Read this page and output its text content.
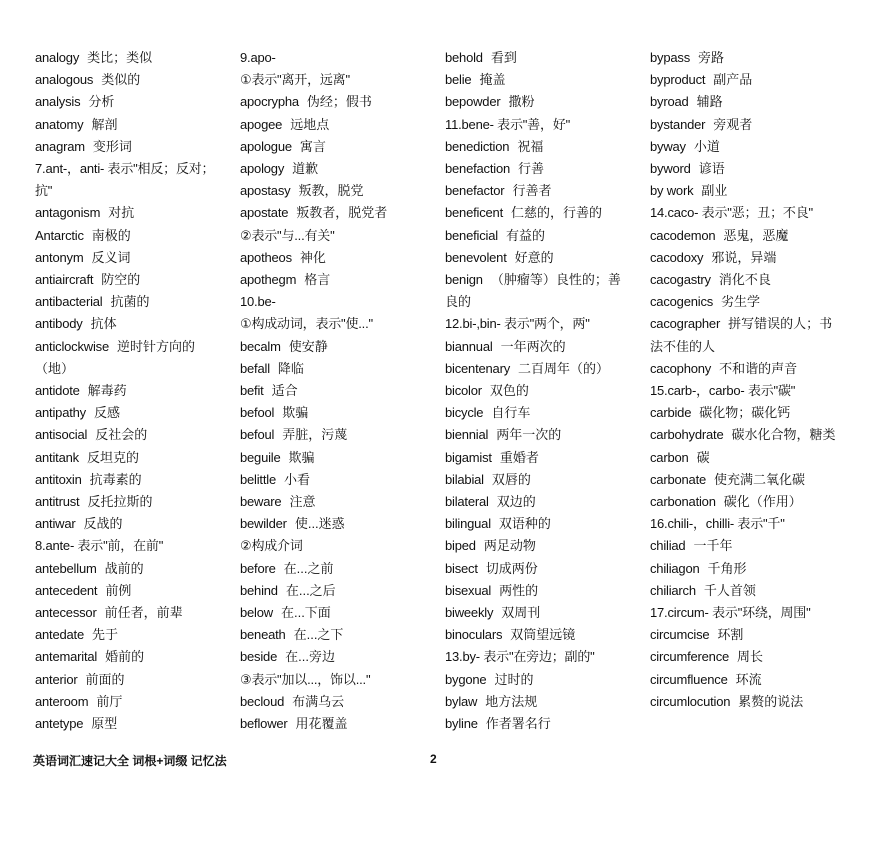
analogy 类比；类似
analogous 类似的
analysis 分析
anatomy 解剖
anagram 变形词
7.ant-，anti- 表示"相反；反对；抗"
antagonism 对抗
Antarctic 南极的
antonym 反义词
antiaircraft 防空的
antibacterial 抗菌的
antibody 抗体
anticlockwise 逆时针方向的（地）
antidote 解毒药
antipathy 反感
antisocial 反社会的
antitank 反坦克的
antitoxin 抗毒素的
antitrust 反托拉斯的
antiwar 反战的
8.ante- 表示"前，在前"
antebellum 战前的
antecedent 前例
antecessor 前任者，前辈
antedate 先于
antemarital 婚前的
anterior 前面的
anteroom 前厅
antetype 原型
9.apo-
①表示"离开，远离"
apocrypha 伪经；假书
apogee 远地点
apologue 寓言
apology 道歉
apostasy 叛教，脱党
apostate 叛教者，脱党者
②表示"与...有关"
apotheos 神化
apothegm 格言
10.be-
①构成动词，表示"使..."
becalm 使安静
befall 降临
befit 适合
befool 欺骗
befoul 弄脏，污蔑
beguile 欺骗
belittle 小看
beware 注意
bewilder 使...迷惑
②构成介词
before 在...之前
behind 在...之后
below 在...下面
beneath 在...之下
beside 在...旁边
③表示"加以...，饰以..."
becloud 布满乌云
beflower 用花覆盖
behold 看到
belie 掩盖
bepowder 撒粉
11.bene- 表示"善，好"
benediction 祝福
benefaction 行善
benefactor 行善者
beneficent 仁慈的，行善的
beneficial 有益的
benevolent 好意的
benign （肿瘤等）良性的；善良的
12.bi-,bin- 表示"两个，两"
biannual 一年两次的
bicentenary 二百周年（的）
bicolor 双色的
bicycle 自行车
biennial 两年一次的
bigamist 重婚者
bilabial 双唇的
bilateral 双边的
bilingual 双语种的
biped 两足动物
bisect 切成两份
bisexual 两性的
biweekly 双周刊
binoculars 双筒望远镜
13.by- 表示"在旁边；副的"
bygone 过时的
bylaw 地方法规
byline 作者署名行
bypass 旁路
byproduct 副产品
byroad 辅路
bystander 旁观者
byway 小道
byword 谚语
by work 副业
14.caco- 表示"恶；丑；不良"
cacodemon 恶鬼，恶魔
cacodoxy 邪说，异端
cacogastry 消化不良
cacogenics 劣生学
cacographer 拼写错误的人；书法不佳的人
cacophony 不和谐的声音
15.carb-，carbo- 表示"碳"
carbide 碳化物；碳化钙
carbohydrate 碳水化合物，糖类
carbon 碳
carbonate 使充满二氧化碳
carbonation 碳化（作用）
16.chili-，chilli- 表示"千"
chiliad 一千年
chiliagon 千角形
chiliarch 千人首领
17.circum- 表示"环绕，周围"
circumcise 环割
circumference 周长
circumfluence 环流
circumlocution 累赘的说法
英语词汇速记大全 词根+词缀 记忆法	2
